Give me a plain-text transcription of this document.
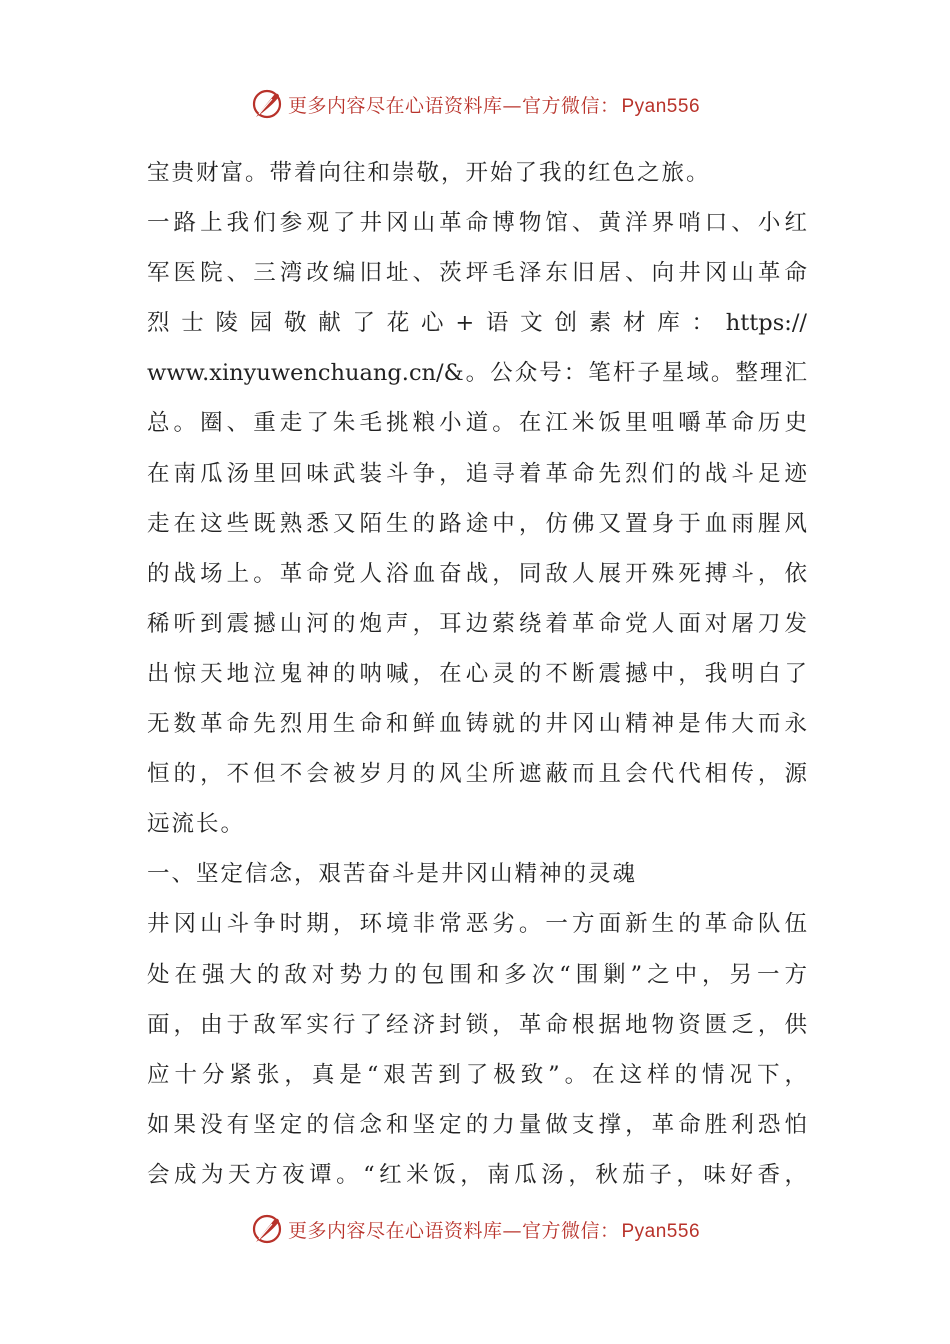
更多内容尽在心语资料库—官方微信： Pyan556
宝贵财富。带着向往和崇敬，开始了我的红色之旅。
一路上我们参观了井冈山革命博物馆、黄洋界哨口、小红
军医院、三湾改编旧址、茨坪毛泽东旧居、向井冈山革命
烈士陵园敬献了花心+语文创素材库：https://
www.xinyuwenchuang.cn/&。公众号：笔杆子星域。整理汇
总。圈、重走了朱毛挑粮小道。在江米饭里咀嚼革命历史
在南瓜汤里回味武装斗争，追寻着革命先烈们的战斗足迹
走在这些既熟悉又陌生的路途中，仿佛又置身于血雨腥风
的战场上。革命党人浴血奋战，同敌人展开殊死搏斗，依
稀听到震撼山河的炮声，耳边萦绕着革命党人面对屠刀发
出惊天地泣鬼神的呐喊，在心灵的不断震撼中，我明白了
无数革命先烈用生命和鲜血铸就的井冈山精神是伟大而永
恒的，不但不会被岁月的风尘所遮蔽而且会代代相传，源
远流长。
一、坚定信念，艰苦奋斗是井冈山精神的灵魂
井冈山斗争时期，环境非常恶劣。一方面新生的革命队伍
处在强大的敌对势力的包围和多次“围剿”之中，另一方
面，由于敌军实行了经济封锁，革命根据地物资匮乏，供
应十分紧张，真是“艰苦到了极致”。在这样的情况下，
如果没有坚定的信念和坚定的力量做支撑，革命胜利恐怕
会成为天方夜谭。“红米饭，南瓜汤，秋茄子，味好香，
更多内容尽在心语资料库—官方微信： Pyan556
